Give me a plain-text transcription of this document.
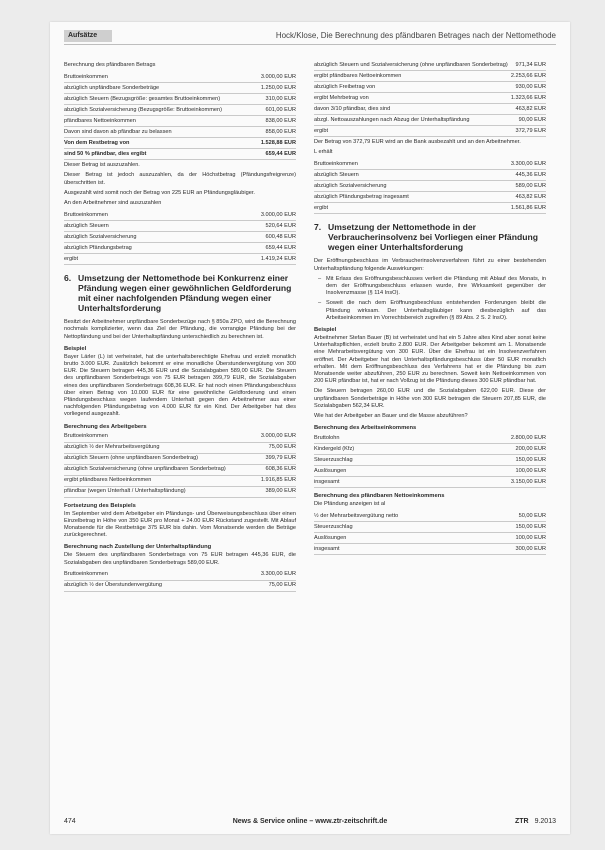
Aufsätze	Hock/Klose, Die Berechnung des pfändbaren Betrages nach der Nettomethode
Berechnung des pfändbaren Betrags
Bruttoeinkommen	3.000,00 EUR
abzüglich unpfändbare Sonderbeträge	1.250,00 EUR
abzüglich Steuern (Bezugsgröße: gesamtes Bruttoeinkommen)	310,00 EUR
abzüglich Sozialversicherung (Bezugsgröße: Bruttoeinkommen)	601,00 EUR
pfändbares Nettoeinkommen	838,00 EUR
Davon sind davon ab pfändbar zu belassen	858,00 EUR
Von dem Restbetrag von	1.528,88 EUR
sind 50 % pfändbar, dies ergibt	659,44 EUR
Dieser Betrag ist auszuzahlen.
Dieser Betrag ist jedoch auszuzahlen, da der Höchstbetrag (Pfändungsfreigrenze) überschritten ist.
Ausgezahlt wird somit noch der Betrag von 225 EUR an Pfändungsgläubiger.
An den Arbeitnehmer sind auszuzahlen
Bruttoeinkommen	3.000,00 EUR
abzüglich Steuern	520,64 EUR
abzüglich Sozialversicherung	600,48 EUR
abzüglich Pfändungsbetrag	659,44 EUR
ergibt	1.419,24 EUR
6. Umsetzung der Nettomethode bei Konkurrenz einer Pfändung wegen einer gewöhnlichen Geldforderung mit einer nachfolgenden Pfändung wegen einer Unterhaltsforderung
Besitzt der Arbeitnehmer unpfändbare Sonderbezüge nach § 850a ZPO, wird die Berechnung nochmals komplizierter, wenn das Ziel der Pfändung, die vorrangige Pfändung bei der Nettopfändung und bei der Unterhaltspfändung unterschiedlich zu berechnen ist.
Beispiel
Bayer Lärler (L) ist verheiratet, hat die unterhaltsberechtigte Ehefrau und erzielt monatlich brutto 3.000 EUR. Zusätzlich bekommt er eine monatliche Überstundenvergütung von 300 EUR. Die Steuern betragen 445,36 EUR und die Sozialabgaben 589,00 EUR. Die Steuern des unpfändbaren Sonderbetrags von 75 EUR betragen 399,79 EUR, die Sozialabgaben eines des unpfändbaren Sonderbetrags 608,36 EUR. Er hat noch einen Pfändungsbeschluss über einen Betrag von 10.000 EUR für eine gewöhnliche Geldforderung und einen Pfändungsbeschluss wegen laufendem Unterhalt gegen den Arbeitnehmer aus einer nachfolgenden Pfändungsbetrag von 4.000 EUR für ein Kind. Der Arbeitgeber hat dies vorliegend ausgezahlt.
Berechnung des Arbeitgebers
Bruttoeinkommen	3.000,00 EUR
abzüglich ½ der Mehrarbeitsvergütung	75,00 EUR
abzüglich Steuern (ohne unpfändbaren Sonderbetrag)	399,79 EUR
abzüglich Sozialversicherung (ohne unpfändbaren Sonderbetrag)	608,36 EUR
ergibt pfändbares Nettoeinkommen	1.916,85 EUR
pfändbar (wegen Unterhalt / Unterhaltspfändung)	389,00 EUR
Fortsetzung des Beispiels
Im September wird dem Arbeitgeber ein Pfändungs- und Überweisungsbeschluss über einen Einzelbetrag in Höhe von 350 EUR pro Monat + 24.00 EUR Rückstand zugestellt. Mit Ablauf Monatsende für die Restbeträge 375 EUR bis dahin. Vom Monatsende werden die Beträge zurückgerechnet.
Berechnung nach Zustellung der Unterhaltspfändung
Die Steuern des unpfändbaren Sonderbetrags von 75 EUR betragen 445,36 EUR, die Sozialabgaben des unpfändbaren Sonderbetrags 589,00 EUR.
Bruttoeinkommen	3.300,00 EUR
abzüglich ½ der Überstundenvergütung	75,00 EUR
abzüglich Steuern und Sozialversicherung (ohne unpfändbaren Sonderbetrag)	971,34 EUR
ergibt pfändbares Nettoeinkommen	2.253,66 EUR
abzüglich Freibetrag von	930,00 EUR
ergibt Mehrbetrag von	1.323,66 EUR
davon 3/10 pfändbar, dies sind	463,82 EUR
abzgl. Nettoauszahlungen nach Abzug der Unterhaltspfändung	90,00 EUR
ergibt	372,79 EUR
Der Betrag von 372,79 EUR wird an die Bank ausbezahlt und an den Arbeitnehmer.
L erhält
Bruttoeinkommen	3.300,00 EUR
abzüglich Steuern	445,36 EUR
abzüglich Sozialversicherung	589,00 EUR
abzüglich Pfändungsbetrag insgesamt	463,82 EUR
ergibt	1.561,86 EUR
7. Umsetzung der Nettomethode in der Verbraucherinsolvenz bei Vorliegen einer Pfändung wegen einer Unterhaltsforderung
Der Eröffnungsbeschluss im Verbraucherinsolvenzverfahren führt zu einer bestehenden Unterhaltspfändung folgende Auswirkungen:
– Mit Erlass des Eröffnungsbeschlusses verliert die Pfändung mit Ablauf des Monats, in dem der Eröffnungsbeschluss erlassen wurde, ihre Wirksamkeit gegenüber der Insolvenzmasse (§ 114 InsO).
– Soweit die nach dem Eröffnungsbeschluss entstehenden Forderungen bleibt die Pfändung wirksam. Der Unterhaltsgläubiger kann diesbezüglich auf das Arbeitseinkommen im Vorrechtsbereich zugreifen (§ 89 Abs. 2 S. 2 InsO).
Beispiel
Arbeitnehmer Stefan Bauer (B) ist verheiratet und hat ein 5 Jahre altes Kind aber sonst keine Unterhaltspflichten, erzielt brutto 2.800 EUR. Der Arbeitgeber bekommt am 1. Monatsende eine Mehrarbeitsvergütung von 300 EUR. Über die Ehefrau ist ein Insolvenzverfahren eröffnet. Der Arbeitgeber hat den Unterhaltspfändungsbeschluss über 50 EUR monatlich erhalten. Mit dem Eröffnungsbeschluss des Verfahrens hat er die Pfändung bis zum Monatsende weiter abzuführen, 250 EUR zu berechnen. Soweit kein Nettoeinkommen von 200 EUR pfändbar ist, hat er nach Vollzug ist die Pfändung dieses 300 EUR pfändbar hat.
Die Steuern betragen 260,00 EUR und die Sozialabgaben 622,00 EUR. Diese der unpfändbaren Sonderbeträge in Höhe von 300 EUR betragen die Steuern 207,85 EUR, die Sozialabgaben 562,34 EUR.
Wie hat der Arbeitgeber an Bauer und die Masse abzuführen?
Berechnung des Arbeitseinkommens
Bruttolohn	2.800,00 EUR
Kindergeld (Kfz)	200,00 EUR
Steuerzuschlag	150,00 EUR
Auslösungen	100,00 EUR
insgesamt	3.150,00 EUR
Berechnung des pfändbaren Nettoeinkommens
Die Pfändung anzeigen ist al
½ der Mehrarbeitsvergütung netto	50,00 EUR
Steuerzuschlag	150,00 EUR
Auslösungen	100,00 EUR
insgesamt	300,00 EUR
474	News & Service online – www.ztr-zeitschrift.de	ZTR 9.2013
